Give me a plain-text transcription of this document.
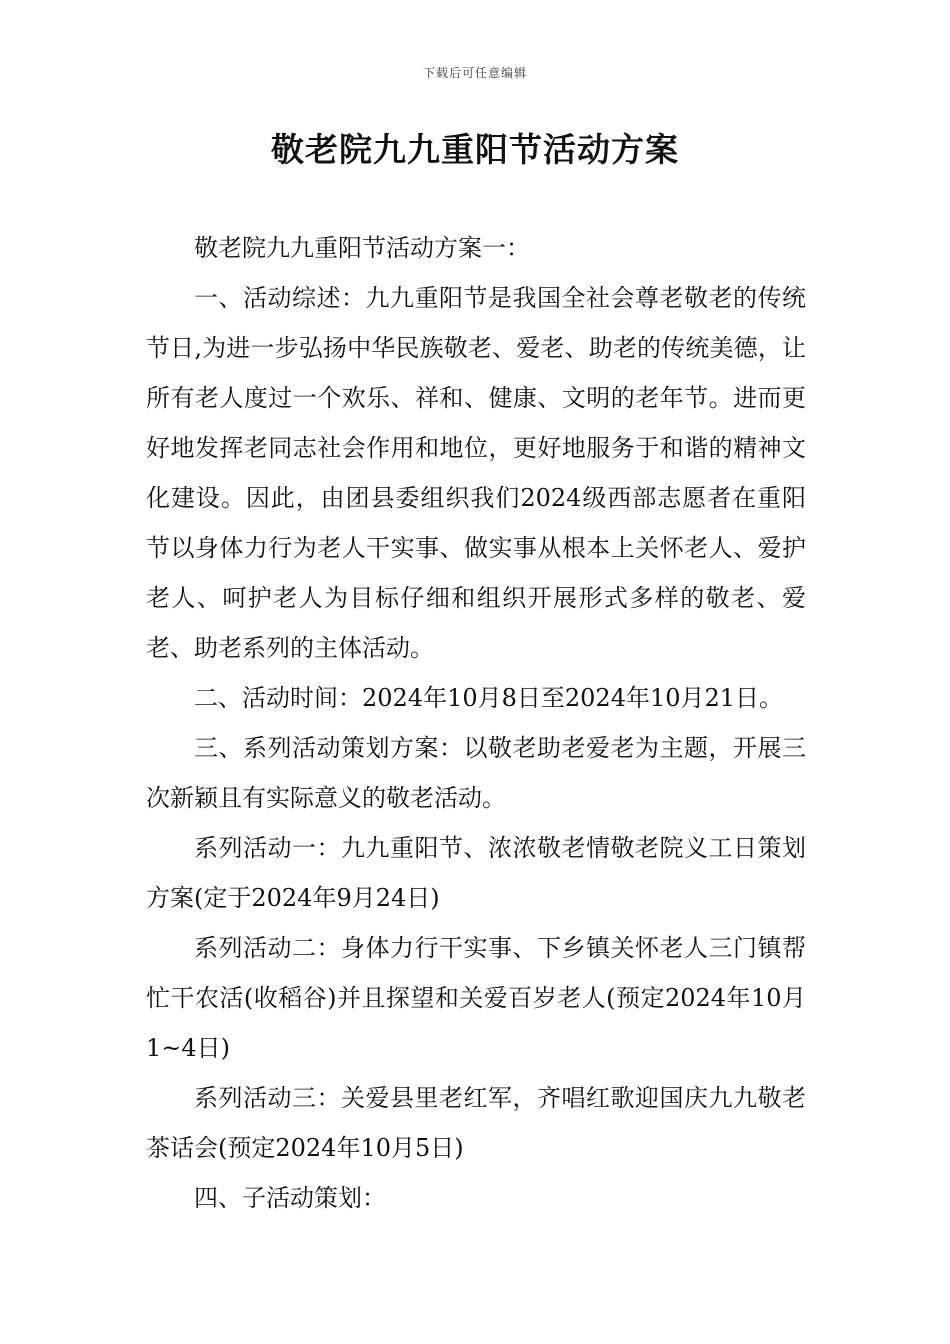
下载后可任意编辑
敬老院九九重阳节活动方案

敬老院九九重阳节活动方案一：

一、活动综述：九九重阳节是我国全社会尊老敬老的传统节日,为进一步弘扬中华民族敬老、爱老、助老的传统美德，让所有老人度过一个欢乐、祥和、健康、文明的老年节。进而更好地发挥老同志社会作用和地位，更好地服务于和谐的精神文化建设。因此，由团县委组织我们2024级西部志愿者在重阳节以身体力行为老人干实事、做实事从根本上关怀老人、爱护老人、呵护老人为目标仔细和组织开展形式多样的敬老、爱老、助老系列的主体活动。

二、活动时间：2024年10月8日至2024年10月21日。

三、系列活动策划方案：以敬老助老爱老为主题，开展三次新颖且有实际意义的敬老活动。

系列活动一：九九重阳节、浓浓敬老情敬老院义工日策划方案(定于2024年9月24日)

系列活动二：身体力行干实事、下乡镇关怀老人三门镇帮忙干农活(收稻谷)并且探望和关爱百岁老人(预定2024年10月1~4日)

系列活动三：关爱县里老红军，齐唱红歌迎国庆九九敬老茶话会(预定2024年10月5日)

四、子活动策划：
